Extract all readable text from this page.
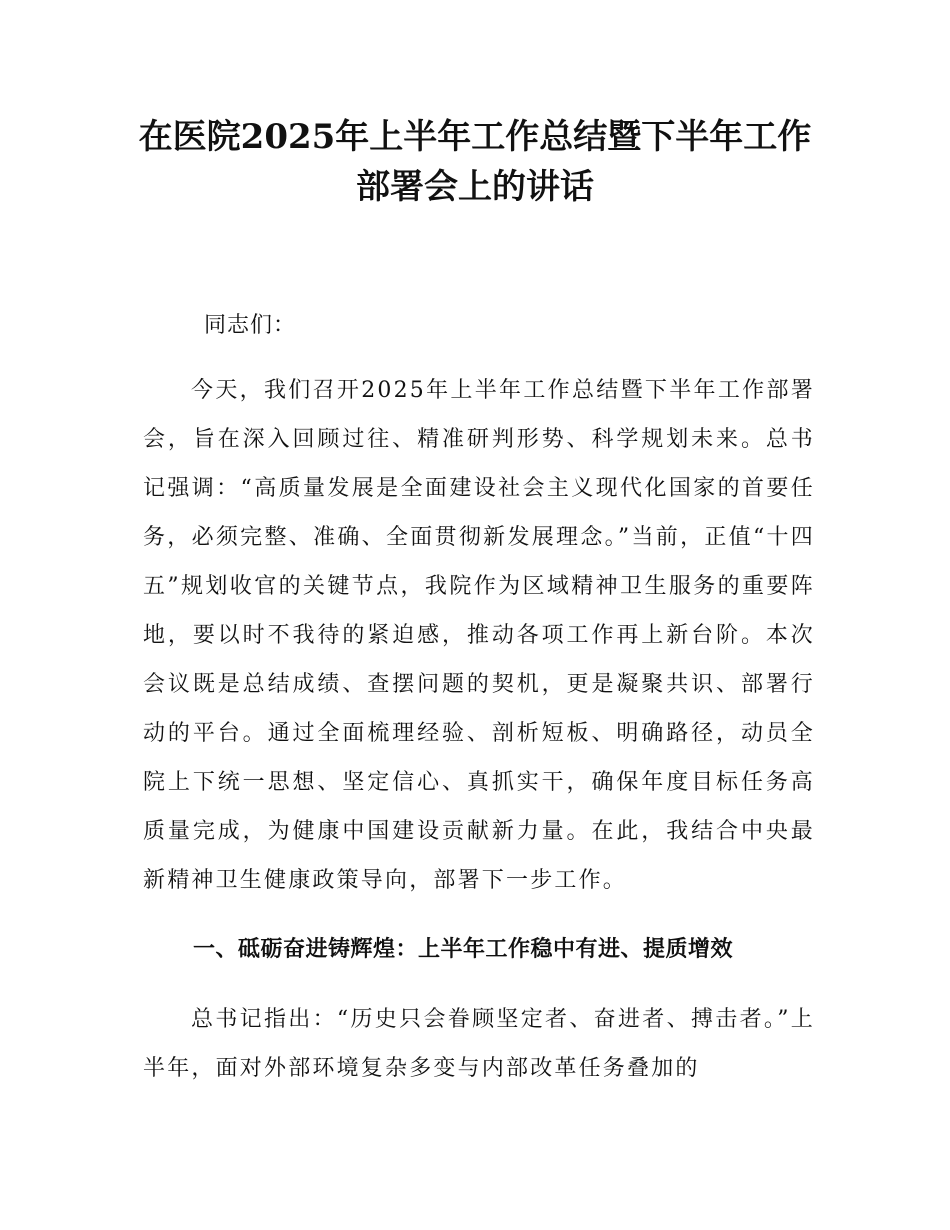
在医院2025年上半年工作总结暨下半年工作
部署会上的讲话
同志们：

今天，我们召开2025年上半年工作总结暨下半年工作部署会，旨在深入回顾过往、精准研判形势、科学规划未来。总书记强调：“高质量发展是全面建设社会主义现代化国家的首要任务，必须完整、准确、全面贯彻新发展理念。”当前，正值“十四五”规划收官的关键节点，我院作为区域精神卫生服务的重要阵地，要以时不我待的紧迫感，推动各项工作再上新台阶。本次会议既是总结成绩、查摆问题的契机，更是凝聚共识、部署行动的平台。通过全面梳理经验、剖析短板、明确路径，动员全院上下统一思想、坚定信心、真抓实干，确保年度目标任务高质量完成，为健康中国建设贡献新力量。在此，我结合中央最新精神卫生健康政策导向，部署下一步工作。

一、砥砺奋进铸辉煌：上半年工作稳中有进、提质增效

总书记指出：“历史只会眷顾坚定者、奋进者、搏击者。”上半年，面对外部环境复杂多变与内部改革任务叠加的
